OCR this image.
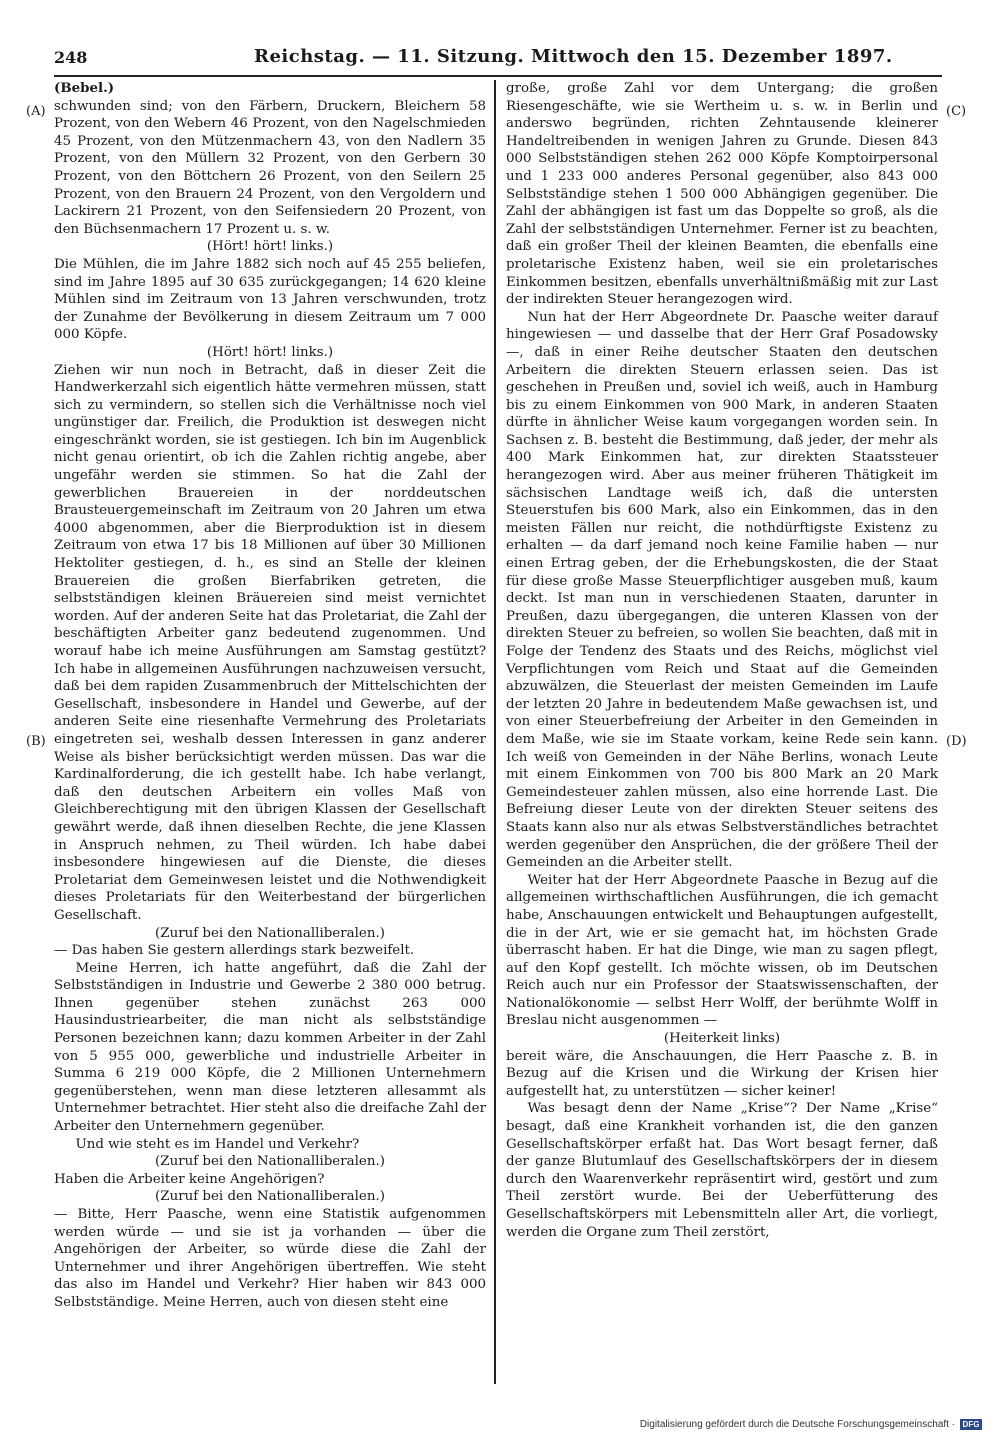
248	Reichstag. — 11. Sitzung. Mittwoch den 15. Dezember 1897.
(A)
(B)
(C)
(D)

(Bebel.)

schwunden sind; von den Färbern, Druckern, Bleichern 58 Prozent, von den Webern 46 Prozent, von den Nagelschmieden 45 Prozent, von den Mützenmachern 43, von den Nadlern 35 Prozent, von den Müllern 32 Prozent, von den Gerbern 30 Prozent, von den Böttchern 26 Prozent, von den Seilern 25 Prozent, von den Brauern 24 Prozent, von den Vergoldern und Lackirern 21 Prozent, von den Seifensiedern 20 Prozent, von den Büchsenmachern 17 Prozent u. s. w.

(Hört! hört! links.)

Die Mühlen, die im Jahre 1882 sich noch auf 45 255 beliefen, sind im Jahre 1895 auf 30 635 zurückgegangen; 14 620 kleine Mühlen sind im Zeitraum von 13 Jahren verschwunden, trotz der Zunahme der Bevölkerung in diesem Zeitraum um 7 000 000 Köpfe.

(Hört! hört! links.)

Ziehen wir nun noch in Betracht, daß in dieser Zeit die Handwerkerzahl sich eigentlich hätte vermehren müssen, statt sich zu vermindern, so stellen sich die Verhältnisse noch viel ungünstiger dar. Freilich, die Produktion ist deswegen nicht eingeschränkt worden, sie ist gestiegen. Ich bin im Augenblick nicht genau orientirt, ob ich die Zahlen richtig angebe, aber ungefähr werden sie stimmen. So hat die Zahl der gewerblichen Brauereien in der norddeutschen Brausteuergemeinschaft im Zeitraum von 20 Jahren um etwa 4000 abgenommen, aber die Bierproduktion ist in diesem Zeitraum von etwa 17 bis 18 Millionen auf über 30 Millionen Hektoliter gestiegen, d. h., es sind an Stelle der kleinen Brauereien die großen Bierfabriken getreten, die selbstständigen kleinen Bräuereien sind meist vernichtet worden. Auf der anderen Seite hat das Proletariat, die Zahl der beschäftigten Arbeiter ganz bedeutend zugenommen. Und worauf habe ich meine Ausführungen am Samstag gestützt? Ich habe in allgemeinen Ausführungen nachzuweisen versucht, daß bei dem rapiden Zusammenbruch der Mittelschichten der Gesellschaft, insbesondere in Handel und Gewerbe, auf der anderen Seite eine riesenhafte Vermehrung des Proletariats eingetreten sei, weshalb dessen Interessen in ganz anderer Weise als bisher berücksichtigt werden müssen. Das war die Kardinalforderung, die ich gestellt habe. Ich habe verlangt, daß den deutschen Arbeitern ein volles Maß von Gleichberechtigung mit den übrigen Klassen der Gesellschaft gewährt werde, daß ihnen dieselben Rechte, die jene Klassen in Anspruch nehmen, zu Theil würden. Ich habe dabei insbesondere hingewiesen auf die Dienste, die dieses Proletariat dem Gemeinwesen leistet und die Nothwendigkeit dieses Proletariats für den Weiterbestand der bürgerlichen Gesellschaft.

(Zuruf bei den Nationalliberalen.)

— Das haben Sie gestern allerdings stark bezweifelt.

Meine Herren, ich hatte angeführt, daß die Zahl der Selbstständigen in Industrie und Gewerbe 2 380 000 betrug. Ihnen gegenüber stehen zunächst 263 000 Hausindustriearbeiter, die man nicht als selbstständige Personen bezeichnen kann; dazu kommen Arbeiter in der Zahl von 5 955 000, gewerbliche und industrielle Arbeiter in Summa 6 219 000 Köpfe, die 2 Millionen Unternehmern gegenüberstehen, wenn man diese letzteren allesammt als Unternehmer betrachtet. Hier steht also die dreifache Zahl der Arbeiter den Unternehmern gegenüber.

Und wie steht es im Handel und Verkehr?

(Zuruf bei den Nationalliberalen.)

Haben die Arbeiter keine Angehörigen?

(Zuruf bei den Nationalliberalen.)

— Bitte, Herr Paasche, wenn eine Statistik aufgenommen werden würde — und sie ist ja vorhanden — über die Angehörigen der Arbeiter, so würde diese die Zahl der Unternehmer und ihrer Angehörigen übertreffen. Wie steht das also im Handel und Verkehr? Hier haben wir 843 000 Selbstständige. Meine Herren, auch von diesen steht eine

große, große Zahl vor dem Untergang; die großen Riesengeschäfte, wie sie Wertheim u. s. w. in Berlin und anderswo begründen, richten Zehntausende kleinerer Handeltreibenden in wenigen Jahren zu Grunde. Diesen 843 000 Selbstständigen stehen 262 000 Köpfe Komptoirpersonal und 1 233 000 anderes Personal gegenüber, also 843 000 Selbstständige stehen 1 500 000 Abhängigen gegenüber. Die Zahl der abhängigen ist fast um das Doppelte so groß, als die Zahl der selbstständigen Unternehmer. Ferner ist zu beachten, daß ein großer Theil der kleinen Beamten, die ebenfalls eine proletarische Existenz haben, weil sie ein proletarisches Einkommen besitzen, ebenfalls unverhältnißmäßig mit zur Last der indirekten Steuer herangezogen wird.

Nun hat der Herr Abgeordnete Dr. Paasche weiter darauf hingewiesen — und dasselbe that der Herr Graf Posadowsky —, daß in einer Reihe deutscher Staaten den deutschen Arbeitern die direkten Steuern erlassen seien. Das ist geschehen in Preußen und, soviel ich weiß, auch in Hamburg bis zu einem Einkommen von 900 Mark, in anderen Staaten dürfte in ähnlicher Weise kaum vorgegangen worden sein. In Sachsen z. B. besteht die Bestimmung, daß jeder, der mehr als 400 Mark Einkommen hat, zur direkten Staatssteuer herangezogen wird. Aber aus meiner früheren Thätigkeit im sächsischen Landtage weiß ich, daß die untersten Steuerstufen bis 600 Mark, also ein Einkommen, das in den meisten Fällen nur reicht, die nothdürftigste Existenz zu erhalten — da darf jemand noch keine Familie haben — nur einen Ertrag geben, der die Erhebungskosten, die der Staat für diese große Masse Steuerpflichtiger ausgeben muß, kaum deckt. Ist man nun in verschiedenen Staaten, darunter in Preußen, dazu übergegangen, die unteren Klassen von der direkten Steuer zu befreien, so wollen Sie beachten, daß mit in Folge der Tendenz des Staats und des Reichs, möglichst viel Verpflichtungen vom Reich und Staat auf die Gemeinden abzuwälzen, die Steuerlast der meisten Gemeinden im Laufe der letzten 20 Jahre in bedeutendem Maße gewachsen ist, und von einer Steuerbefreiung der Arbeiter in den Gemeinden in dem Maße, wie sie im Staate vorkam, keine Rede sein kann. Ich weiß von Gemeinden in der Nähe Berlins, wonach Leute mit einem Einkommen von 700 bis 800 Mark an 20 Mark Gemeindesteuer zahlen müssen, also eine horrende Last. Die Befreiung dieser Leute von der direkten Steuer seitens des Staats kann also nur als etwas Selbstverständliches betrachtet werden gegenüber den Ansprüchen, die der größere Theil der Gemeinden an die Arbeiter stellt.

Weiter hat der Herr Abgeordnete Paasche in Bezug auf die allgemeinen wirthschaftlichen Ausführungen, die ich gemacht habe, Anschauungen entwickelt und Behauptungen aufgestellt, die in der Art, wie er sie gemacht hat, im höchsten Grade überrascht haben. Er hat die Dinge, wie man zu sagen pflegt, auf den Kopf gestellt. Ich möchte wissen, ob im Deutschen Reich auch nur ein Professor der Staatswissenschaften, der Nationalökonomie — selbst Herr Wolff, der berühmte Wolff in Breslau nicht ausgenommen —

(Heiterkeit links)

bereit wäre, die Anschauungen, die Herr Paasche z. B. in Bezug auf die Krisen und die Wirkung der Krisen hier aufgestellt hat, zu unterstützen — sicher keiner!

Was besagt denn der Name „Krise“? Der Name „Krise“ besagt, daß eine Krankheit vorhanden ist, die den ganzen Gesellschaftskörper erfaßt hat. Das Wort besagt ferner, daß der ganze Blutumlauf des Gesellschaftskörpers der in diesem durch den Waarenverkehr repräsentirt wird, gestört und zum Theil zerstört wurde. Bei der Ueberfütterung des Gesellschaftskörpers mit Lebensmitteln aller Art, die vorliegt, werden die Organe zum Theil zerstört,

Digitalisierung gefördert durch die Deutsche Forschungsgemeinschaft · DFG
